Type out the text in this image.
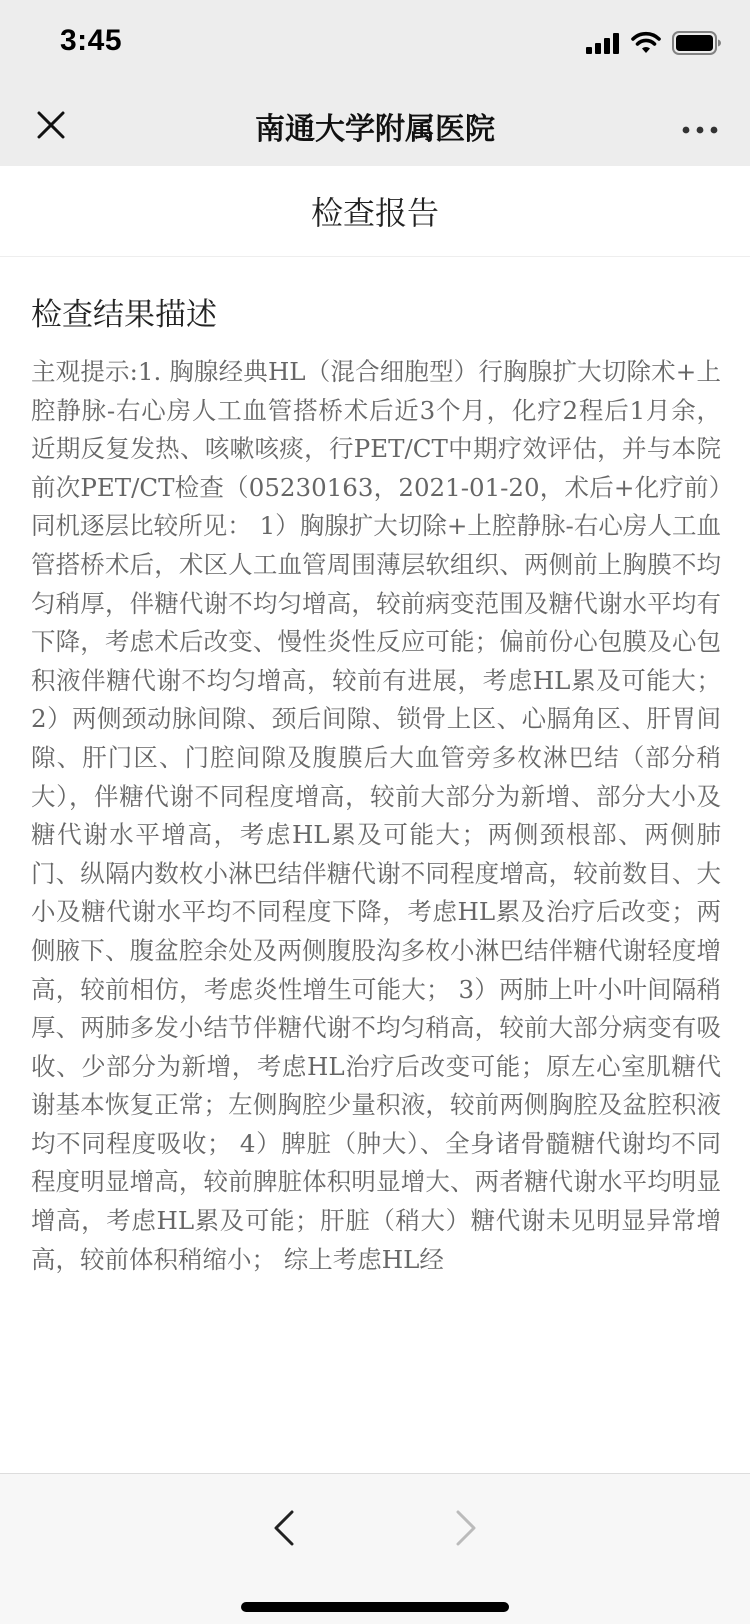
3:45
南通大学附属医院
检查报告
检查结果描述
主观提示:1. 胸腺经典HL（混合细胞型）行胸腺扩大切除术+上腔静脉-右心房人工血管搭桥术后近3个月，化疗2程后1月余，近期反复发热、咳嗽咳痰，行PET/CT中期疗效评估，并与本院前次PET/CT检查（05230163，2021-01-20，术后+化疗前）同机逐层比较所见： 1）胸腺扩大切除+上腔静脉-右心房人工血管搭桥术后，术区人工血管周围薄层软组织、两侧前上胸膜不均匀稍厚，伴糖代谢不均匀增高，较前病变范围及糖代谢水平均有下降，考虑术后改变、慢性炎性反应可能；偏前份心包膜及心包积液伴糖代谢不均匀增高，较前有进展，考虑HL累及可能大； 2）两侧颈动脉间隙、颈后间隙、锁骨上区、心膈角区、肝胃间隙、肝门区、门腔间隙及腹膜后大血管旁多枚淋巴结（部分稍大），伴糖代谢不同程度增高，较前大部分为新增、部分大小及糖代谢水平增高，考虑HL累及可能大；两侧颈根部、两侧肺门、纵隔内数枚小淋巴结伴糖代谢不同程度增高，较前数目、大小及糖代谢水平均不同程度下降，考虑HL累及治疗后改变；两侧腋下、腹盆腔余处及两侧腹股沟多枚小淋巴结伴糖代谢轻度增高，较前相仿，考虑炎性增生可能大； 3）两肺上叶小叶间隔稍厚、两肺多发小结节伴糖代谢不均匀稍高，较前大部分病变有吸收、少部分为新增，考虑HL治疗后改变可能；原左心室肌糖代谢基本恢复正常；左侧胸腔少量积液，较前两侧胸腔及盆腔积液均不同程度吸收； 4）脾脏（肿大）、全身诸骨髓糖代谢均不同程度明显增高，较前脾脏体积明显增大、两者糖代谢水平均明显增高，考虑HL累及可能；肝脏（稍大）糖代谢未见明显异常增高，较前体积稍缩小； 综上考虑HL经
